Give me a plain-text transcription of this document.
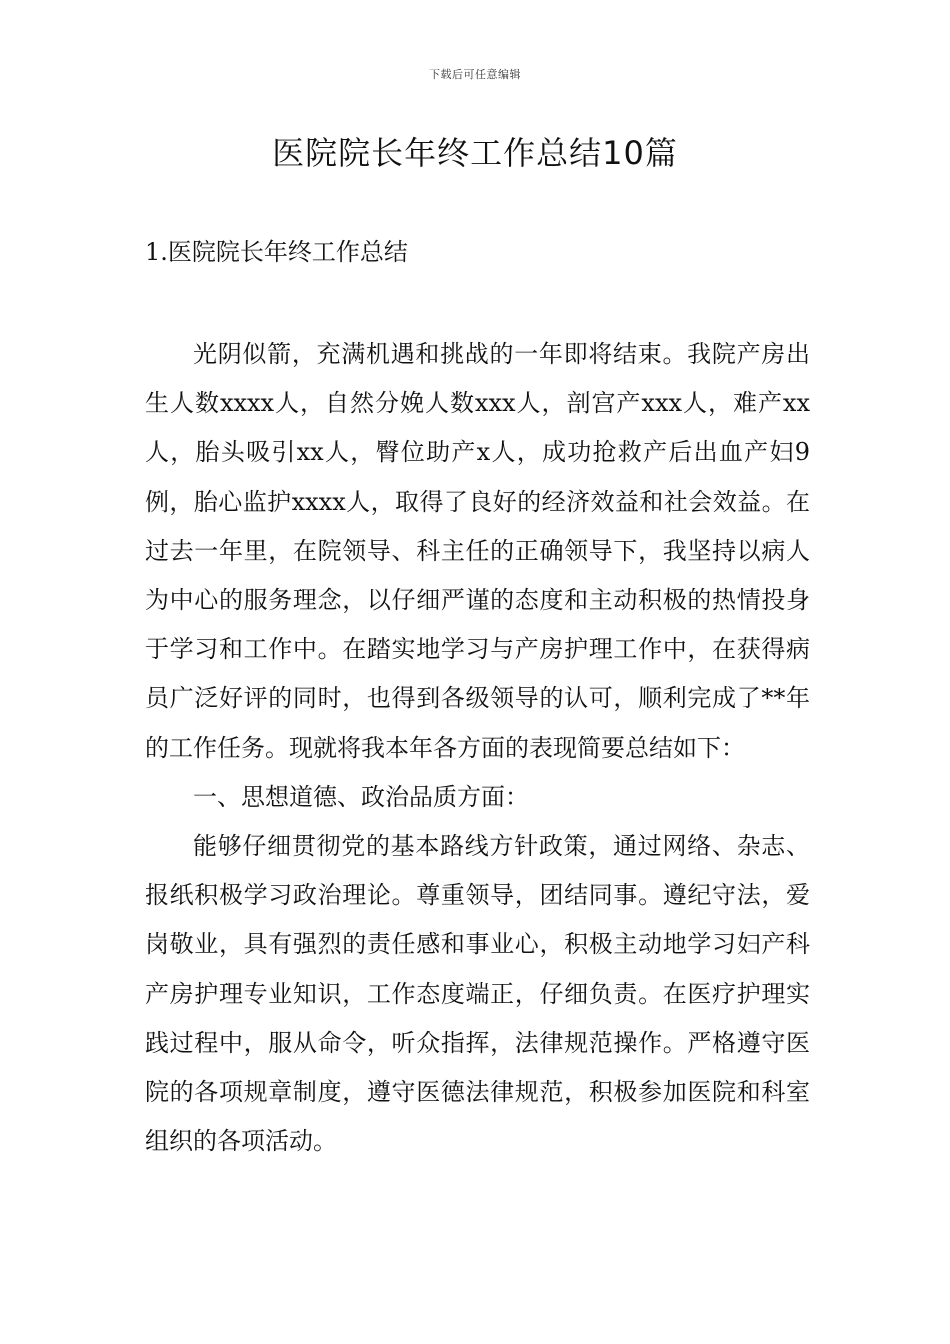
下载后可任意编辑
医院院长年终工作总结10篇
1.医院院长年终工作总结

光阴似箭，充满机遇和挑战的一年即将结束。我院产房出生人数xxxx人，自然分娩人数xxx人，剖宫产xxx人，难产xx人，胎头吸引xx人，臀位助产x人，成功抢救产后出血产妇9例，胎心监护xxxx人，取得了良好的经济效益和社会效益。在过去一年里，在院领导、科主任的正确领导下，我坚持以病人为中心的服务理念，以仔细严谨的态度和主动积极的热情投身于学习和工作中。在踏实地学习与产房护理工作中，在获得病员广泛好评的同时，也得到各级领导的认可，顺利完成了**年的工作任务。现就将我本年各方面的表现简要总结如下：

一、思想道德、政治品质方面：

能够仔细贯彻党的基本路线方针政策，通过网络、杂志、报纸积极学习政治理论。尊重领导，团结同事。遵纪守法，爱岗敬业，具有强烈的责任感和事业心，积极主动地学习妇产科产房护理专业知识，工作态度端正，仔细负责。在医疗护理实践过程中，服从命令，听众指挥，法律规范操作。严格遵守医院的各项规章制度，遵守医德法律规范，积极参加医院和科室组织的各项活动。
